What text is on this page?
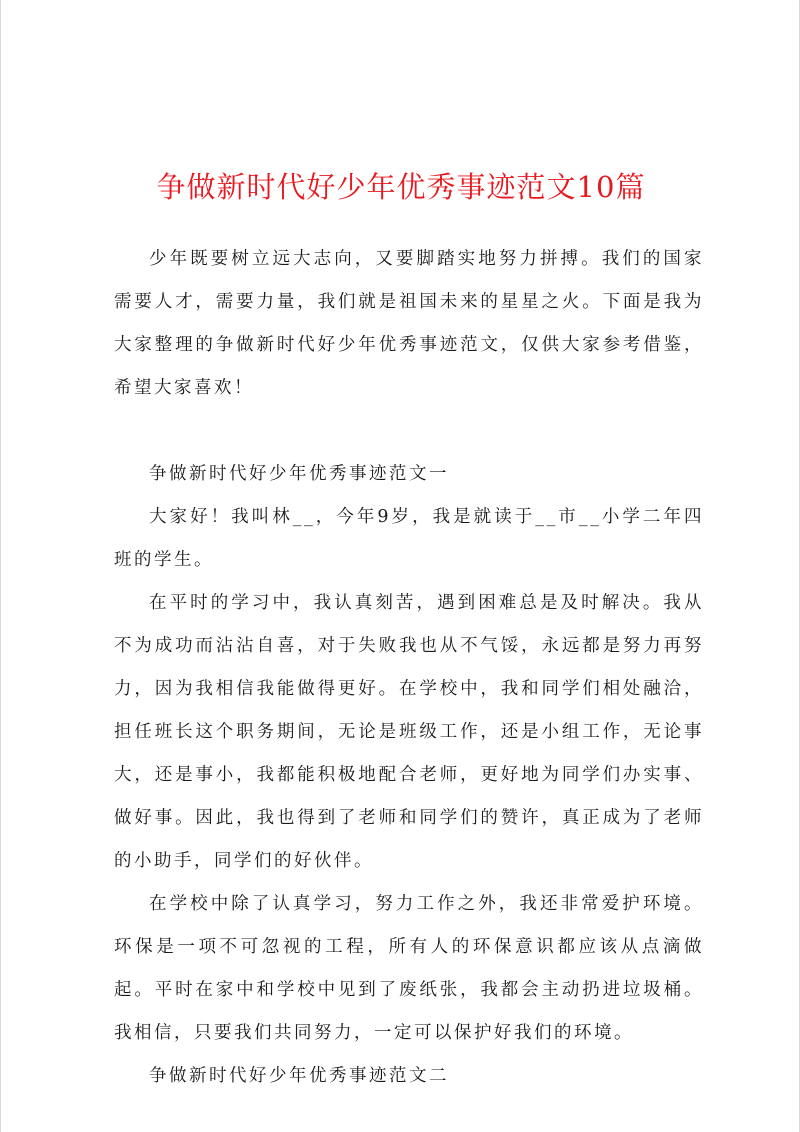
争做新时代好少年优秀事迹范文10篇

少年既要树立远大志向，又要脚踏实地努力拼搏。我们的国家需要人才，需要力量，我们就是祖国未来的星星之火。下面是我为大家整理的争做新时代好少年优秀事迹范文，仅供大家参考借鉴，希望大家喜欢！

争做新时代好少年优秀事迹范文一

大家好！我叫林__，今年9岁，我是就读于__市__小学二年四班的学生。

在平时的学习中，我认真刻苦，遇到困难总是及时解决。我从不为成功而沾沾自喜，对于失败我也从不气馁，永远都是努力再努力，因为我相信我能做得更好。在学校中，我和同学们相处融洽，担任班长这个职务期间，无论是班级工作，还是小组工作，无论事大，还是事小，我都能积极地配合老师，更好地为同学们办实事、做好事。因此，我也得到了老师和同学们的赞许，真正成为了老师的小助手，同学们的好伙伴。

在学校中除了认真学习，努力工作之外，我还非常爱护环境。环保是一项不可忽视的工程，所有人的环保意识都应该从点滴做起。平时在家中和学校中见到了废纸张，我都会主动扔进垃圾桶。我相信，只要我们共同努力，一定可以保护好我们的环境。

争做新时代好少年优秀事迹范文二
